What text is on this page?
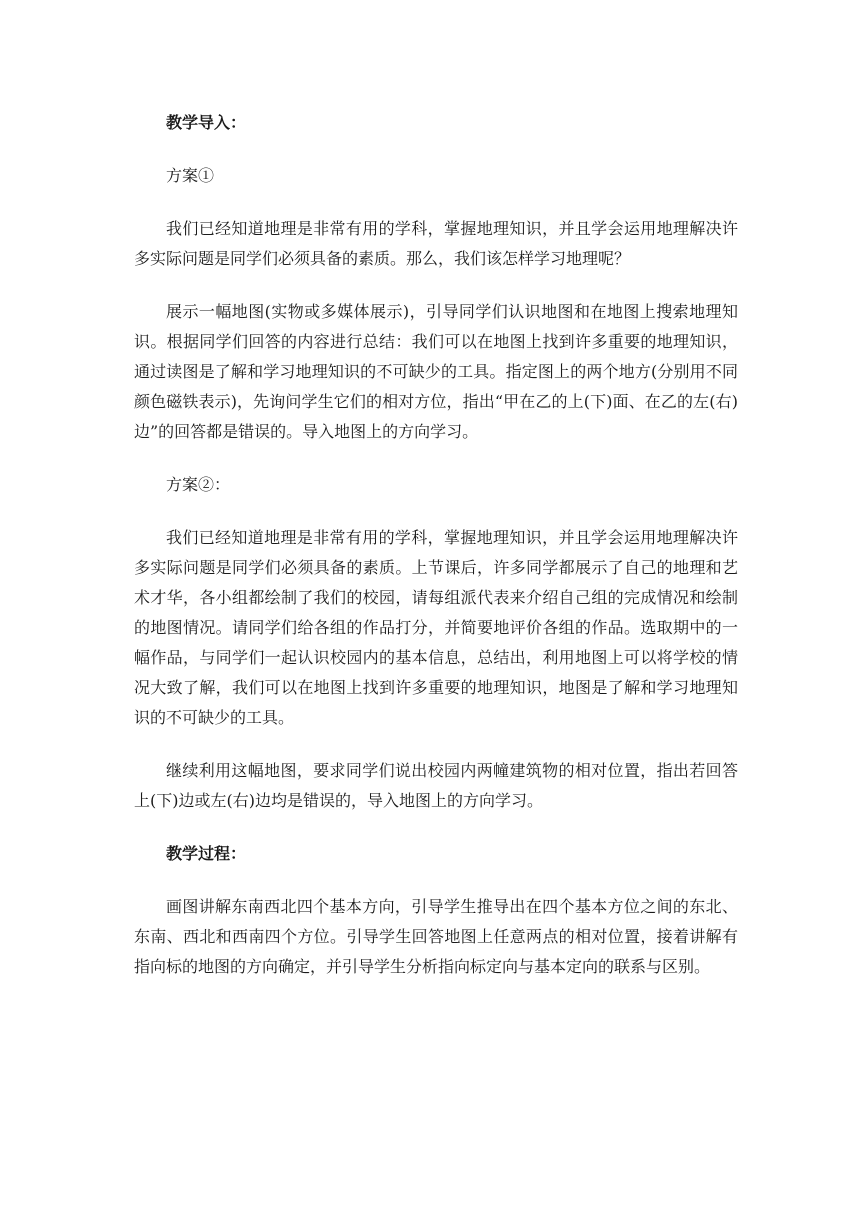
教学导入：

方案①

我们已经知道地理是非常有用的学科，掌握地理知识，并且学会运用地理解决许多实际问题是同学们必须具备的素质。那么，我们该怎样学习地理呢？

展示一幅地图(实物或多媒体展示)，引导同学们认识地图和在地图上搜索地理知识。根据同学们回答的内容进行总结：我们可以在地图上找到许多重要的地理知识，通过读图是了解和学习地理知识的不可缺少的工具。指定图上的两个地方(分别用不同颜色磁铁表示)，先询问学生它们的相对方位，指出“甲在乙的上(下)面、在乙的左(右)边”的回答都是错误的。导入地图上的方向学习。

方案②：

我们已经知道地理是非常有用的学科，掌握地理知识，并且学会运用地理解决许多实际问题是同学们必须具备的素质。上节课后，许多同学都展示了自己的地理和艺术才华，各小组都绘制了我们的校园，请每组派代表来介绍自己组的完成情况和绘制的地图情况。请同学们给各组的作品打分，并简要地评价各组的作品。选取期中的一幅作品，与同学们一起认识校园内的基本信息，总结出，利用地图上可以将学校的情况大致了解，我们可以在地图上找到许多重要的地理知识，地图是了解和学习地理知识的不可缺少的工具。

继续利用这幅地图，要求同学们说出校园内两幢建筑物的相对位置，指出若回答上(下)边或左(右)边均是错误的，导入地图上的方向学习。

教学过程：

画图讲解东南西北四个基本方向，引导学生推导出在四个基本方位之间的东北、东南、西北和西南四个方位。引导学生回答地图上任意两点的相对位置，接着讲解有指向标的地图的方向确定，并引导学生分析指向标定向与基本定向的联系与区别。
